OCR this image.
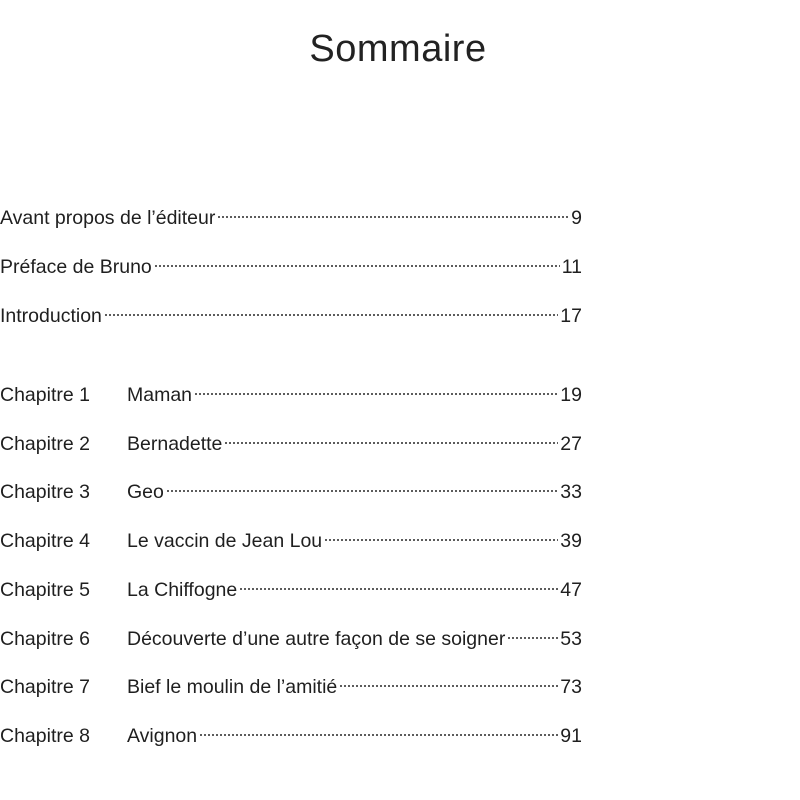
Sommaire
Avant propos de l’éditeur	9
Préface de Bruno	11
Introduction	17
Chapitre 1	Maman	19
Chapitre 2	Bernadette	27
Chapitre 3	Geo	33
Chapitre 4	Le vaccin de Jean Lou	39
Chapitre 5	La Chiffogne	47
Chapitre 6	Découverte d’une autre façon de se soigner	53
Chapitre 7	Bief le moulin de l’amitié	73
Chapitre 8	Avignon	91
